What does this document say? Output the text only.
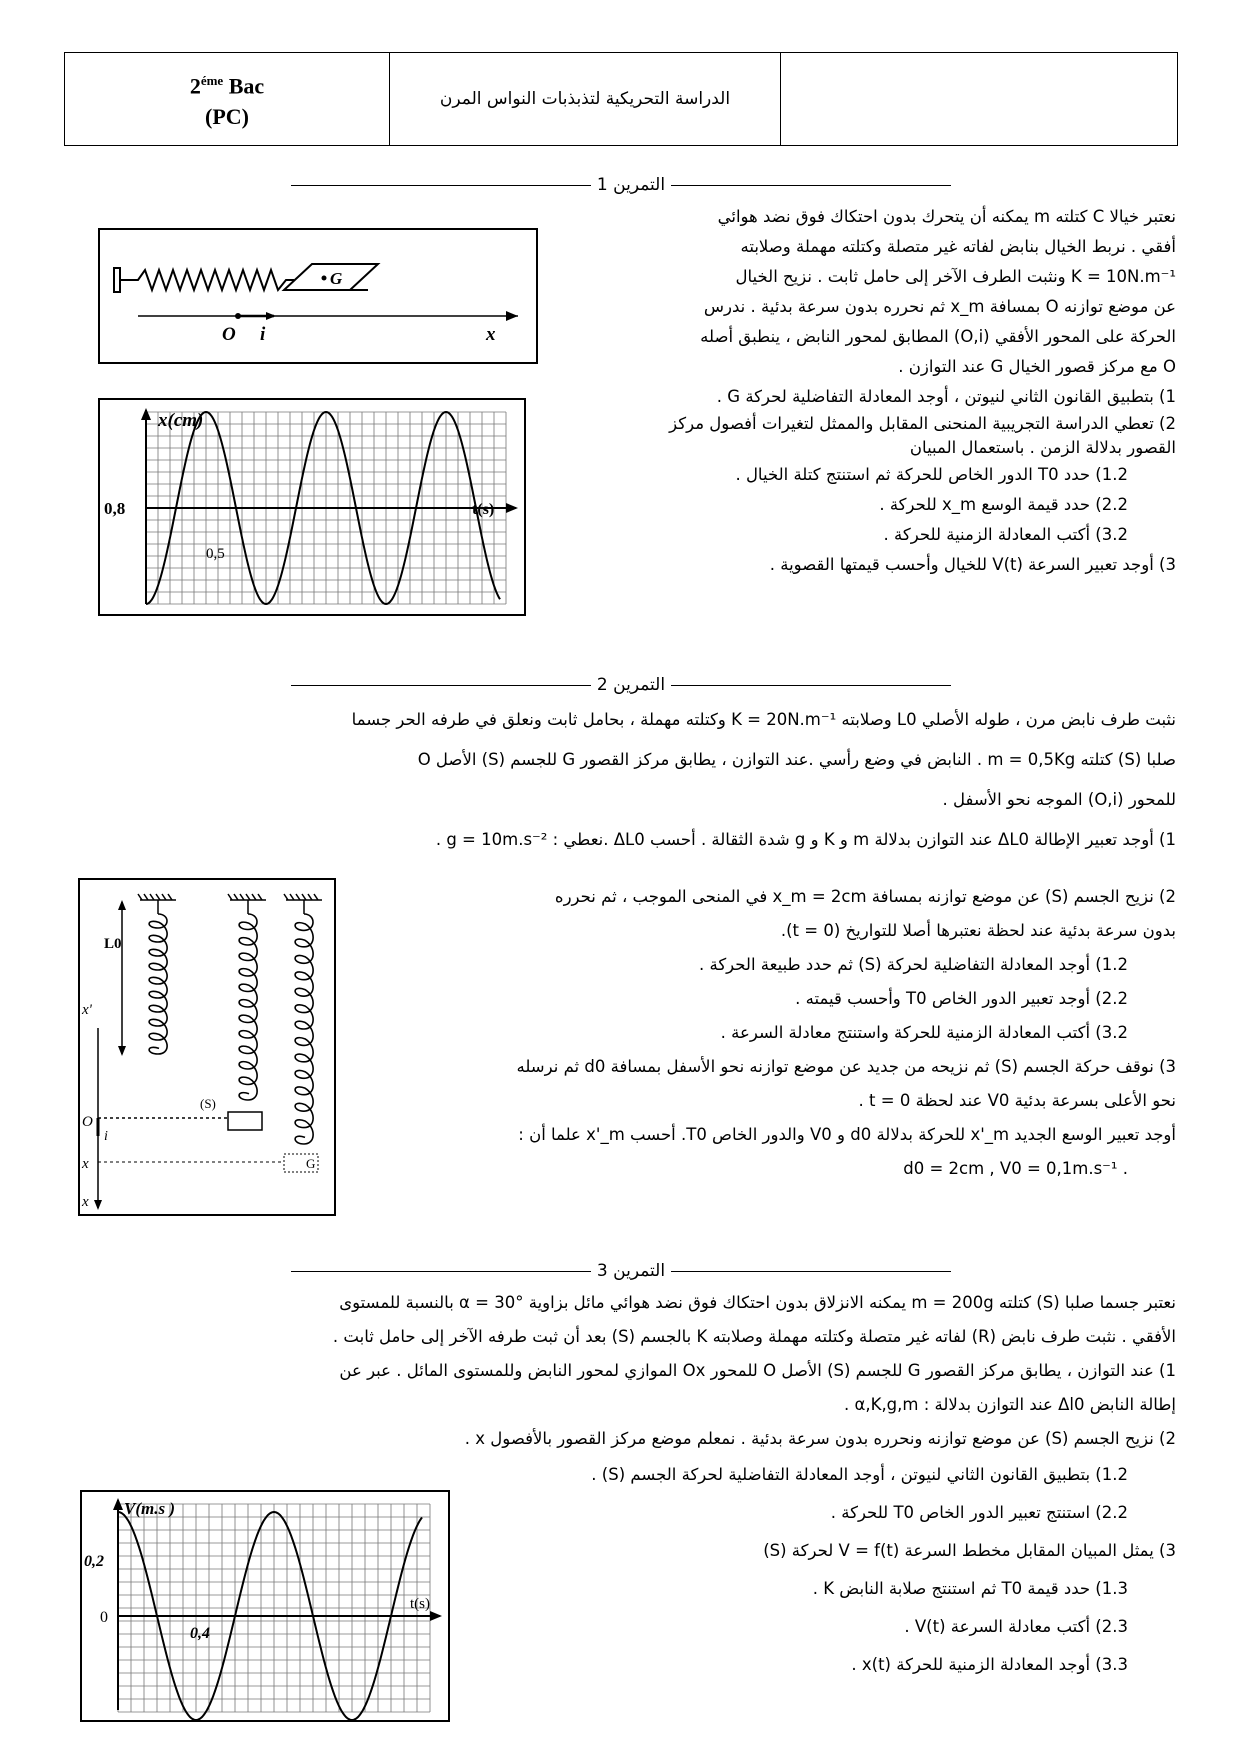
$2^{éme}$ Bac
(PC)
الدراسة التحريكية لتذبذبات النواس المرن
التمرين 1

نعتبر خيالا C كتلته m يمكنه أن يتحرك بدون احتكاك فوق نضد هوائي

أفقي . نربط الخيال بنابض لفاته غير متصلة وكتلته مهملة وصلابته

K = 10N.m⁻¹ ونثبت الطرف الآخر إلى حامل ثابت . نزيح الخيال

عن موضع توازنه O بمسافة x_m ثم نحرره بدون سرعة بدئية . ندرس

الحركة على المحور الأفقي (O,i) المطابق لمحور النابض ، ينطبق أصله

O مع مركز قصور الخيال G عند التوازن .

1) بتطبيق القانون الثاني لنيوتن ، أوجد المعادلة التفاضلية لحركة G .

2) تعطي الدراسة التجريبية المنحنى المقابل والممثل لتغيرات أفصول مركز

القصور بدلالة الزمن . باستعمال المبيان

1.2) حدد T0 الدور الخاص للحركة ثم استنتج كتلة الخيال .

2.2) حدد قيمة الوسع x_m للحركة .

3.2) أكتب المعادلة الزمنية للحركة .

3) أوجد تعبير السرعة V(t) للخيال وأحسب قيمتها القصوية .

G
O i	x
x(cm)
0,8	t(s)
0,5
التمرين 2

نثبت طرف نابض مرن ، طوله الأصلي L0 وصلابته K = 20N.m⁻¹ وكتلته مهملة ، بحامل ثابت ونعلق في طرفه الحر جسما

صلبا (S) كتلته m = 0,5Kg . النابض في وضع رأسي .عند التوازن ، يطابق مركز القصور G للجسم (S) الأصل O

للمحور (O,i) الموجه نحو الأسفل .

1) أوجد تعبير الإطالة ΔL0 عند التوازن بدلالة m و K و g شدة الثقالة . أحسب ΔL0 .نعطي : g = 10m.s⁻² .

2) نزيح الجسم (S) عن موضع توازنه بمسافة x_m = 2cm في المنحى الموجب ، ثم نحرره

بدون سرعة بدئية عند لحظة نعتبرها أصلا للتواريخ (t = 0).

1.2) أوجد المعادلة التفاضلية لحركة (S) ثم حدد طبيعة الحركة .

2.2) أوجد تعبير الدور الخاص T0 وأحسب قيمته .

3.2) أكتب المعادلة الزمنية للحركة واستنتج معادلة السرعة .

3) نوقف حركة الجسم (S) ثم نزيحه من جديد عن موضع توازنه نحو الأسفل بمسافة d0 ثم نرسله

نحو الأعلى بسرعة بدئية V0 عند لحظة t = 0 .

أوجد تعبير الوسع الجديد x'_m للحركة بدلالة d0 و V0 والدور الخاص T0. أحسب x'_m علما أن :

. d0 = 2cm , V0 = 0,1m.s⁻¹

L0
x'
O
i
x
x
(S)
G
التمرين 3

نعتبر جسما صلبا (S) كتلته m = 200g يمكنه الانزلاق بدون احتكاك فوق نضد هوائي مائل بزاوية α = 30° بالنسبة للمستوى

الأفقي . نثبت طرف نابض (R) لفاته غير متصلة وكتلته مهملة وصلابته K بالجسم (S) بعد أن ثبت طرفه الآخر إلى حامل ثابت .

1) عند التوازن ، يطابق مركز القصور G للجسم (S) الأصل O للمحور Ox الموازي لمحور النابض وللمستوى المائل . عبر عن

إطالة النابض Δl0 عند التوازن بدلالة : α,K,g,m .

2) نزيح الجسم (S) عن موضع توازنه ونحرره بدون سرعة بدئية . نمعلم موضع مركز القصور بالأفصول x .

1.2) بتطبيق القانون الثاني لنيوتن ، أوجد المعادلة التفاضلية لحركة الجسم (S) .

2.2) استنتج تعبير الدور الخاص T0 للحركة .

3) يمثل المبيان المقابل مخطط السرعة V = f(t) لحركة (S)

1.3) حدد قيمة T0 ثم استنتج صلابة النابض K .

2.3) أكتب معادلة السرعة V(t) .

3.3) أوجد المعادلة الزمنية للحركة x(t) .

V(m.s )
0,2
0
t(s)
0,4
